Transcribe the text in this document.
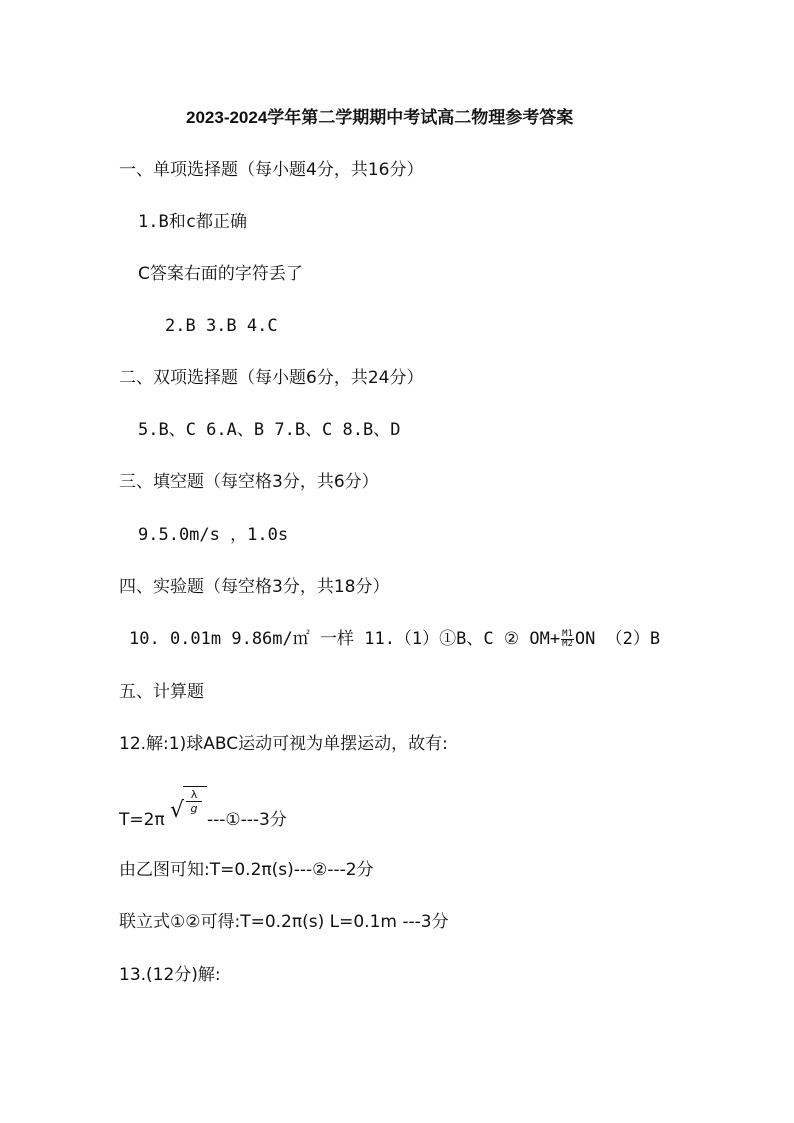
2023-2024学年第二学期期中考试高二物理参考答案
一、单项选择题（每小题4分，共16分）
1.B和c都正确
C答案右面的字符丢了
2.B 3.B 4.C
二、双项选择题（每小题6分，共24分）
5.B、C 6.A、B 7.B、C 8.B、D
三、填空题（每空格3分，共6分）
9.5.0m/s ，1.0s
四、实验题（每空格3分，共18分）
10. 0.01m 9.86m/㎡ 一样 11.（1）①B、C ② $OM+ \frac{M1}{M2}$ ON （2）B
五、计算题
12.解:1)球ABC运动可视为单摆运动，故有:
T=2π √ $\frac{\lambda}{g}$
---①---3分
由乙图可知:T=0.2π(s)---②---2分
联立式①②可得:T=0.2π(s) L=0.1m ---3分
13.(12分)解:
